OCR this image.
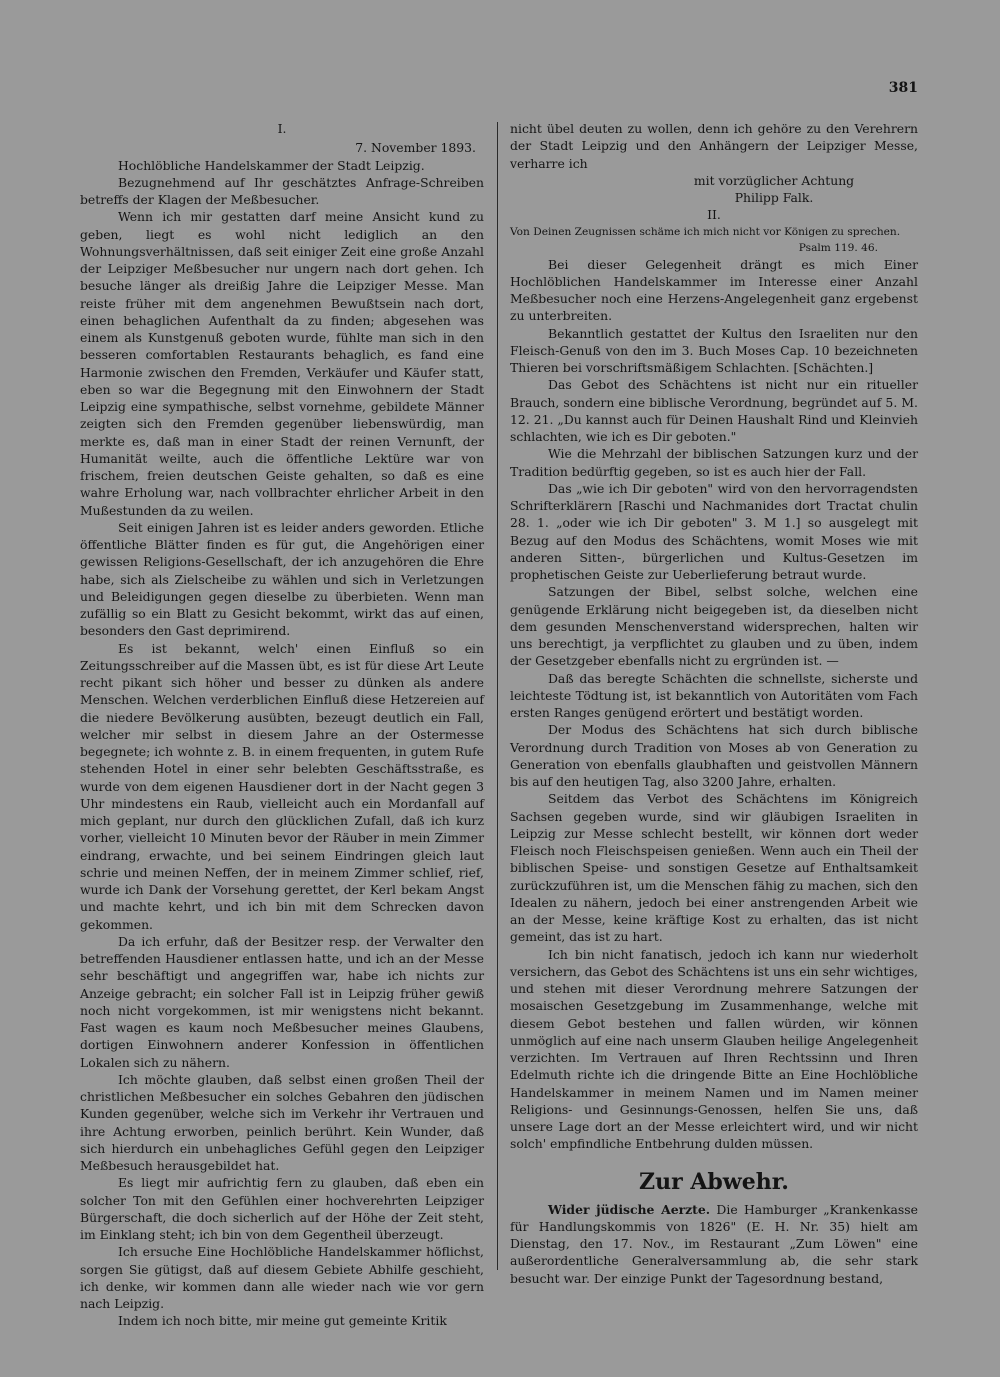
381

I.

7. November 1893.

Hochlöbliche Handelskammer der Stadt Leipzig.

Bezugnehmend auf Ihr geschätztes Anfrage-Schreiben betreffs der Klagen der Meßbesucher.

Wenn ich mir gestatten darf meine Ansicht kund zu geben, liegt es wohl nicht lediglich an den Wohnungsverhältnissen, daß seit einiger Zeit eine große Anzahl der Leipziger Meßbesucher nur ungern nach dort gehen. Ich besuche länger als dreißig Jahre die Leipziger Messe. Man reiste früher mit dem angenehmen Bewußtsein nach dort, einen behaglichen Aufenthalt da zu finden; abgesehen was einem als Kunstgenuß geboten wurde, fühlte man sich in den besseren comfortablen Restaurants behaglich, es fand eine Harmonie zwischen den Fremden, Verkäufer und Käufer statt, eben so war die Begegnung mit den Einwohnern der Stadt Leipzig eine sympathische, selbst vornehme, gebildete Männer zeigten sich den Fremden gegenüber liebenswürdig, man merkte es, daß man in einer Stadt der reinen Vernunft, der Humanität weilte, auch die öffentliche Lektüre war von frischem, freien deutschen Geiste gehalten, so daß es eine wahre Erholung war, nach vollbrachter ehrlicher Arbeit in den Mußestunden da zu weilen.

Seit einigen Jahren ist es leider anders geworden. Etliche öffentliche Blätter finden es für gut, die Angehörigen einer gewissen Religions-Gesellschaft, der ich anzugehören die Ehre habe, sich als Zielscheibe zu wählen und sich in Verletzungen und Beleidigungen gegen dieselbe zu überbieten. Wenn man zufällig so ein Blatt zu Gesicht bekommt, wirkt das auf einen, besonders den Gast deprimirend.

Es ist bekannt, welch' einen Einfluß so ein Zeitungsschreiber auf die Massen übt, es ist für diese Art Leute recht pikant sich höher und besser zu dünken als andere Menschen. Welchen verderblichen Einfluß diese Hetzereien auf die niedere Bevölkerung ausübten, bezeugt deutlich ein Fall, welcher mir selbst in diesem Jahre an der Ostermesse begegnete; ich wohnte z. B. in einem frequenten, in gutem Rufe stehenden Hotel in einer sehr belebten Geschäftsstraße, es wurde von dem eigenen Hausdiener dort in der Nacht gegen 3 Uhr mindestens ein Raub, vielleicht auch ein Mordanfall auf mich geplant, nur durch den glücklichen Zufall, daß ich kurz vorher, vielleicht 10 Minuten bevor der Räuber in mein Zimmer eindrang, erwachte, und bei seinem Eindringen gleich laut schrie und meinen Neffen, der in meinem Zimmer schlief, rief, wurde ich Dank der Vorsehung gerettet, der Kerl bekam Angst und machte kehrt, und ich bin mit dem Schrecken davon gekommen.

Da ich erfuhr, daß der Besitzer resp. der Verwalter den betreffenden Hausdiener entlassen hatte, und ich an der Messe sehr beschäftigt und angegriffen war, habe ich nichts zur Anzeige gebracht; ein solcher Fall ist in Leipzig früher gewiß noch nicht vorgekommen, ist mir wenigstens nicht bekannt. Fast wagen es kaum noch Meßbesucher meines Glaubens, dortigen Einwohnern anderer Konfession in öffentlichen Lokalen sich zu nähern.

Ich möchte glauben, daß selbst einen großen Theil der christlichen Meßbesucher ein solches Gebahren den jüdischen Kunden gegenüber, welche sich im Verkehr ihr Vertrauen und ihre Achtung erworben, peinlich berührt. Kein Wunder, daß sich hierdurch ein unbehagliches Gefühl gegen den Leipziger Meßbesuch herausgebildet hat.

Es liegt mir aufrichtig fern zu glauben, daß eben ein solcher Ton mit den Gefühlen einer hochverehrten Leipziger Bürgerschaft, die doch sicherlich auf der Höhe der Zeit steht, im Einklang steht; ich bin von dem Gegentheil überzeugt.

Ich ersuche Eine Hochlöbliche Handelskammer höflichst, sorgen Sie gütigst, daß auf diesem Gebiete Abhilfe geschieht, ich denke, wir kommen dann alle wieder nach wie vor gern nach Leipzig.

Indem ich noch bitte, mir meine gut gemeinte Kritik

nicht übel deuten zu wollen, denn ich gehöre zu den Verehrern der Stadt Leipzig und den Anhängern der Leipziger Messe, verharre ich

mit vorzüglicher Achtung

Philipp Falk.

II.

Von Deinen Zeugnissen schäme ich mich nicht vor Königen zu sprechen.

Psalm 119. 46.

Bei dieser Gelegenheit drängt es mich Einer Hochlöblichen Handelskammer im Interesse einer Anzahl Meßbesucher noch eine Herzens-Angelegenheit ganz ergebenst zu unterbreiten.

Bekanntlich gestattet der Kultus den Israeliten nur den Fleisch-Genuß von den im 3. Buch Moses Cap. 10 bezeichneten Thieren bei vorschriftsmäßigem Schlachten. [Schächten.]

Das Gebot des Schächtens ist nicht nur ein ritueller Brauch, sondern eine biblische Verordnung, begründet auf 5. M. 12. 21. „Du kannst auch für Deinen Haushalt Rind und Kleinvieh schlachten, wie ich es Dir geboten."

Wie die Mehrzahl der biblischen Satzungen kurz und der Tradition bedürftig gegeben, so ist es auch hier der Fall.

Das „wie ich Dir geboten" wird von den hervorragendsten Schrifterklärern [Raschi und Nachmanides dort Tractat chulin 28. 1. „oder wie ich Dir geboten" 3. M 1.] so ausgelegt mit Bezug auf den Modus des Schächtens, womit Moses wie mit anderen Sitten-, bürgerlichen und Kultus-Gesetzen im prophetischen Geiste zur Ueberlieferung betraut wurde.

Satzungen der Bibel, selbst solche, welchen eine genügende Erklärung nicht beigegeben ist, da dieselben nicht dem gesunden Menschenverstand widersprechen, halten wir uns berechtigt, ja verpflichtet zu glauben und zu üben, indem der Gesetzgeber ebenfalls nicht zu ergründen ist. —

Daß das beregte Schächten die schnellste, sicherste und leichteste Tödtung ist, ist bekanntlich von Autoritäten vom Fach ersten Ranges genügend erörtert und bestätigt worden.

Der Modus des Schächtens hat sich durch biblische Verordnung durch Tradition von Moses ab von Generation zu Generation von ebenfalls glaubhaften und geistvollen Männern bis auf den heutigen Tag, also 3200 Jahre, erhalten.

Seitdem das Verbot des Schächtens im Königreich Sachsen gegeben wurde, sind wir gläubigen Israeliten in Leipzig zur Messe schlecht bestellt, wir können dort weder Fleisch noch Fleischspeisen genießen. Wenn auch ein Theil der biblischen Speise- und sonstigen Gesetze auf Enthaltsamkeit zurückzuführen ist, um die Menschen fähig zu machen, sich den Idealen zu nähern, jedoch bei einer anstrengenden Arbeit wie an der Messe, keine kräftige Kost zu erhalten, das ist nicht gemeint, das ist zu hart.

Ich bin nicht fanatisch, jedoch ich kann nur wiederholt versichern, das Gebot des Schächtens ist uns ein sehr wichtiges, und stehen mit dieser Verordnung mehrere Satzungen der mosaischen Gesetzgebung im Zusammenhange, welche mit diesem Gebot bestehen und fallen würden, wir können unmöglich auf eine nach unserm Glauben heilige Angelegenheit verzichten. Im Vertrauen auf Ihren Rechtssinn und Ihren Edelmuth richte ich die dringende Bitte an Eine Hochlöbliche Handelskammer in meinem Namen und im Namen meiner Religions- und Gesinnungs-Genossen, helfen Sie uns, daß unsere Lage dort an der Messe erleichtert wird, und wir nicht solch' empfindliche Entbehrung dulden müssen.

Zur Abwehr.

Wider jüdische Aerzte. Die Hamburger „Krankenkasse für Handlungskommis von 1826" (E. H. Nr. 35) hielt am Dienstag, den 17. Nov., im Restaurant „Zum Löwen" eine außerordentliche Generalversammlung ab, die sehr stark besucht war. Der einzige Punkt der Tagesordnung bestand,
